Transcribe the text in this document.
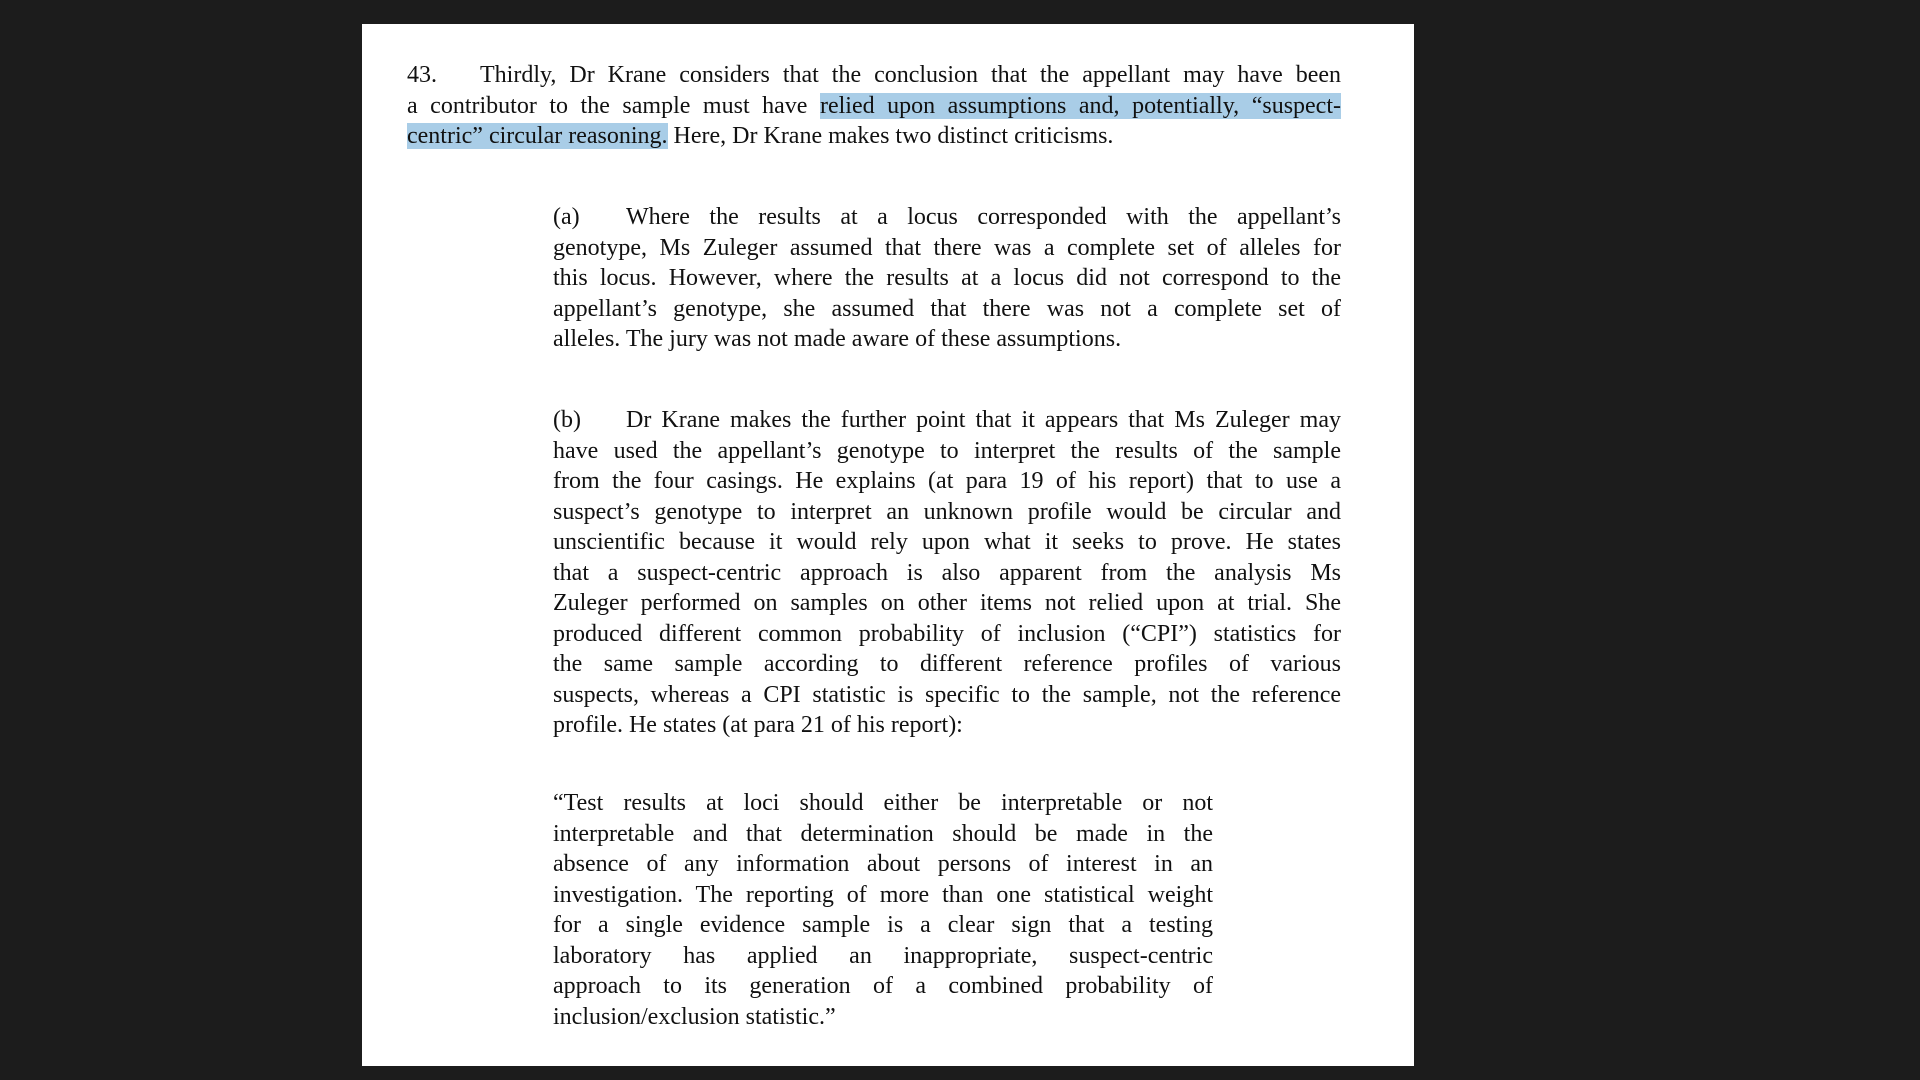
43. Thirdly, Dr Krane considers that the conclusion that the appellant may have been
a contributor to the sample must have relied upon assumptions and, potentially, “suspect-
centric” circular reasoning. Here, Dr Krane makes two distinct criticisms.
(a) Where the results at a locus corresponded with the appellant’s
genotype, Ms Zuleger assumed that there was a complete set of alleles for
this locus. However, where the results at a locus did not correspond to the
appellant’s genotype, she assumed that there was not a complete set of
alleles. The jury was not made aware of these assumptions.
(b) Dr Krane makes the further point that it appears that Ms Zuleger may
have used the appellant’s genotype to interpret the results of the sample
from the four casings. He explains (at para 19 of his report) that to use a
suspect’s genotype to interpret an unknown profile would be circular and
unscientific because it would rely upon what it seeks to prove. He states
that a suspect-centric approach is also apparent from the analysis Ms
Zuleger performed on samples on other items not relied upon at trial. She
produced different common probability of inclusion (“CPI”) statistics for
the same sample according to different reference profiles of various
suspects, whereas a CPI statistic is specific to the sample, not the reference
profile. He states (at para 21 of his report):
“Test results at loci should either be interpretable or not
interpretable and that determination should be made in the
absence of any information about persons of interest in an
investigation. The reporting of more than one statistical weight
for a single evidence sample is a clear sign that a testing
laboratory has applied an inappropriate, suspect-centric
approach to its generation of a combined probability of
inclusion/exclusion statistic.”
